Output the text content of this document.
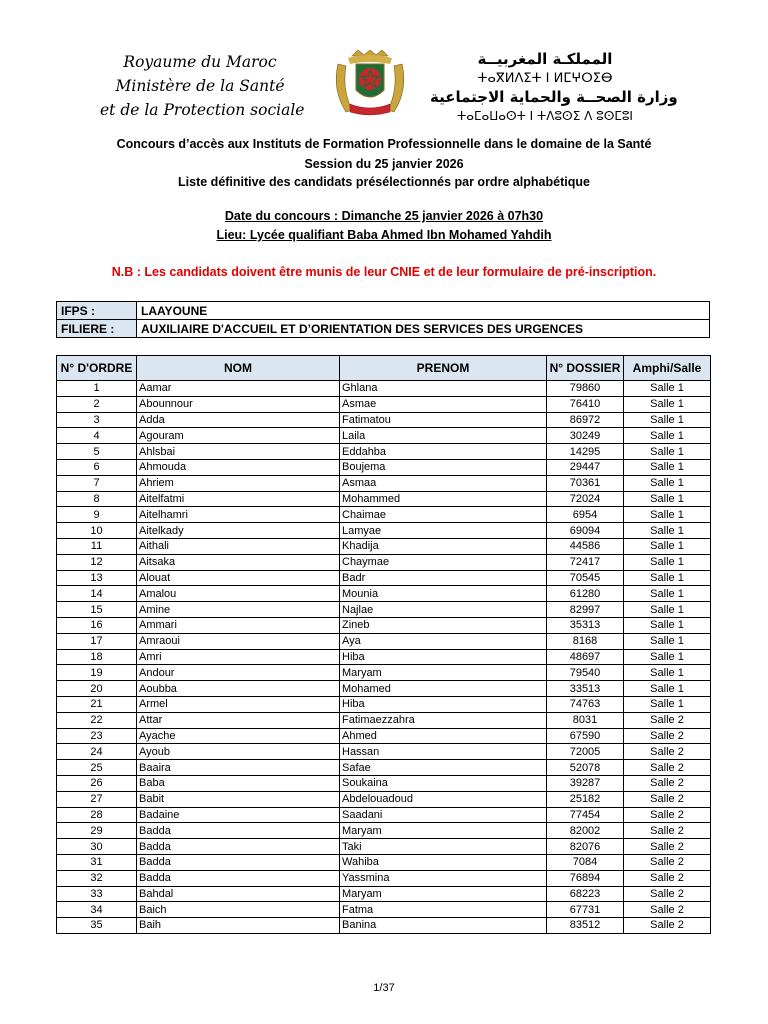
Royaume du Maroc
Ministère de la Santé
et de la Protection sociale
المملكـة المغربيــة
ⵜⴰⴳⵍⴷⵉⵜ ⵏ ⵍⵎⵖⵔⵉⴱ
وزارة الصحــة والحماية الاجتماعية
ⵜⴰⵎⴰⵡⴰⵙⵜ ⵏ ⵜⴷⵓⵙⵉ ⴷ ⵓⵙⵎⵓⵏ
Concours d’accès aux Instituts de Formation Professionnelle dans le domaine de la Santé
Session du 25 janvier 2026
Liste définitive des candidats présélectionnés par ordre alphabétique
Date du concours : Dimanche 25 janvier 2026 à 07h30
Lieu: Lycée qualifiant Baba Ahmed Ibn Mohamed Yahdih
N.B : Les candidats doivent être munis de leur CNIE et de leur formulaire de pré-inscription.
IFPS :	LAAYOUNE
FILIERE :	AUXILIAIRE D'ACCUEIL ET D’ORIENTATION DES SERVICES DES URGENCES
N° D'ORDRE	NOM	PRENOM	N° DOSSIER	Amphi/Salle
1	Aamar	Ghlana	79860	Salle 1
2	Abounnour	Asmae	76410	Salle 1
3	Adda	Fatimatou	86972	Salle 1
4	Agouram	Laila	30249	Salle 1
5	Ahlsbai	Eddahba	14295	Salle 1
6	Ahmouda	Boujema	29447	Salle 1
7	Ahriem	Asmaa	70361	Salle 1
8	Aitelfatmi	Mohammed	72024	Salle 1
9	Aitelhamri	Chaimae	6954	Salle 1
10	Aitelkady	Lamyae	69094	Salle 1
11	Aithali	Khadija	44586	Salle 1
12	Aitsaka	Chaymae	72417	Salle 1
13	Alouat	Badr	70545	Salle 1
14	Amalou	Mounia	61280	Salle 1
15	Amine	Najlae	82997	Salle 1
16	Ammari	Zineb	35313	Salle 1
17	Amraoui	Aya	8168	Salle 1
18	Amri	Hiba	48697	Salle 1
19	Andour	Maryam	79540	Salle 1
20	Aoubba	Mohamed	33513	Salle 1
21	Armel	Hiba	74763	Salle 1
22	Attar	Fatimaezzahra	8031	Salle 2
23	Ayache	Ahmed	67590	Salle 2
24	Ayoub	Hassan	72005	Salle 2
25	Baaira	Safae	52078	Salle 2
26	Baba	Soukaina	39287	Salle 2
27	Babit	Abdelouadoud	25182	Salle 2
28	Badaine	Saadani	77454	Salle 2
29	Badda	Maryam	82002	Salle 2
30	Badda	Taki	82076	Salle 2
31	Badda	Wahiba	7084	Salle 2
32	Badda	Yassmina	76894	Salle 2
33	Bahdal	Maryam	68223	Salle 2
34	Baich	Fatma	67731	Salle 2
35	Baih	Banina	83512	Salle 2
1/37
